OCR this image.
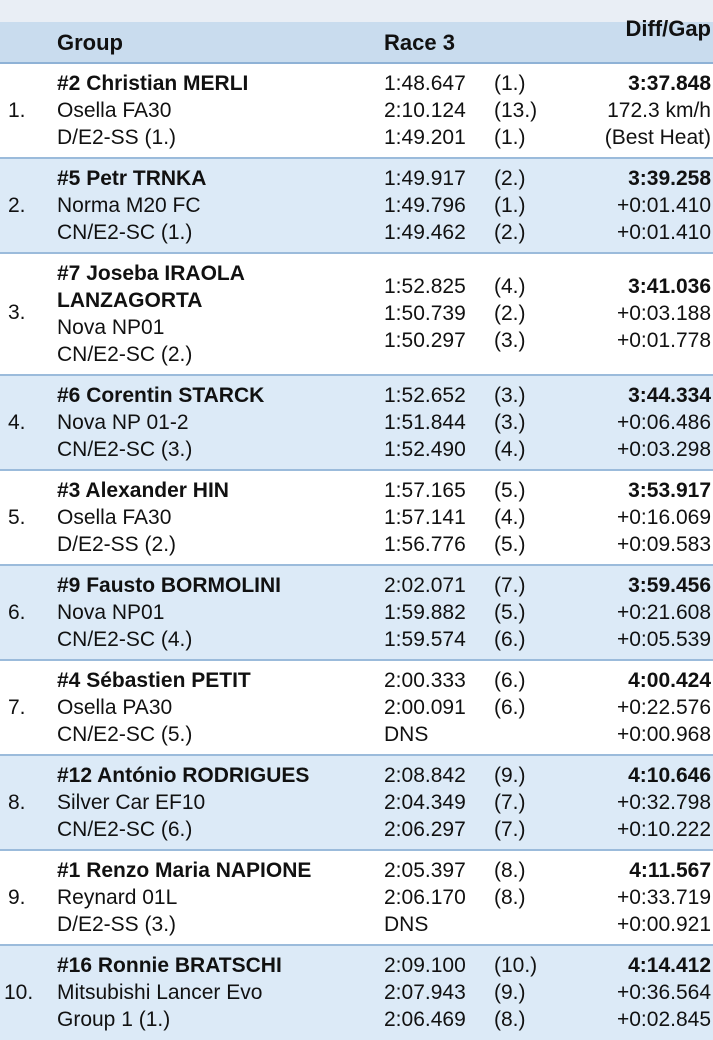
Group	Race 3
Diff/Gap
1.
#2 Christian MERLI
Osella FA30
D/E2-SS (1.)
1:48.647 (1.)
2:10.124 (13.)
1:49.201 (1.)
3:37.848
172.3 km/h
(Best Heat)
2.
#5 Petr TRNKA
Norma M20 FC
CN/E2-SC (1.)
1:49.917 (2.)
1:49.796 (1.)
1:49.462 (2.)
3:39.258
+0:01.410
+0:01.410
3.
#7 Joseba IRAOLA
LANZAGORTA
Nova NP01
CN/E2-SC (2.)
1:52.825 (4.)
1:50.739 (2.)
1:50.297 (3.)
3:41.036
+0:03.188
+0:01.778
4.
#6 Corentin STARCK
Nova NP 01-2
CN/E2-SC (3.)
1:52.652 (3.)
1:51.844 (3.)
1:52.490 (4.)
3:44.334
+0:06.486
+0:03.298
5.
#3 Alexander HIN
Osella FA30
D/E2-SS (2.)
1:57.165 (5.)
1:57.141 (4.)
1:56.776 (5.)
3:53.917
+0:16.069
+0:09.583
6.
#9 Fausto BORMOLINI
Nova NP01
CN/E2-SC (4.)
2:02.071 (7.)
1:59.882 (5.)
1:59.574 (6.)
3:59.456
+0:21.608
+0:05.539
7.
#4 Sébastien PETIT
Osella PA30
CN/E2-SC (5.)
2:00.333 (6.)
2:00.091 (6.)
DNS
4:00.424
+0:22.576
+0:00.968
8.
#12 António RODRIGUES
Silver Car EF10
CN/E2-SC (6.)
2:08.842 (9.)
2:04.349 (7.)
2:06.297 (7.)
4:10.646
+0:32.798
+0:10.222
9.
#1 Renzo Maria NAPIONE
Reynard 01L
D/E2-SS (3.)
2:05.397 (8.)
2:06.170 (8.)
DNS
4:11.567
+0:33.719
+0:00.921
10.
#16 Ronnie BRATSCHI
Mitsubishi Lancer Evo
Group 1 (1.)
2:09.100 (10.)
2:07.943 (9.)
2:06.469 (8.)
4:14.412
+0:36.564
+0:02.845
